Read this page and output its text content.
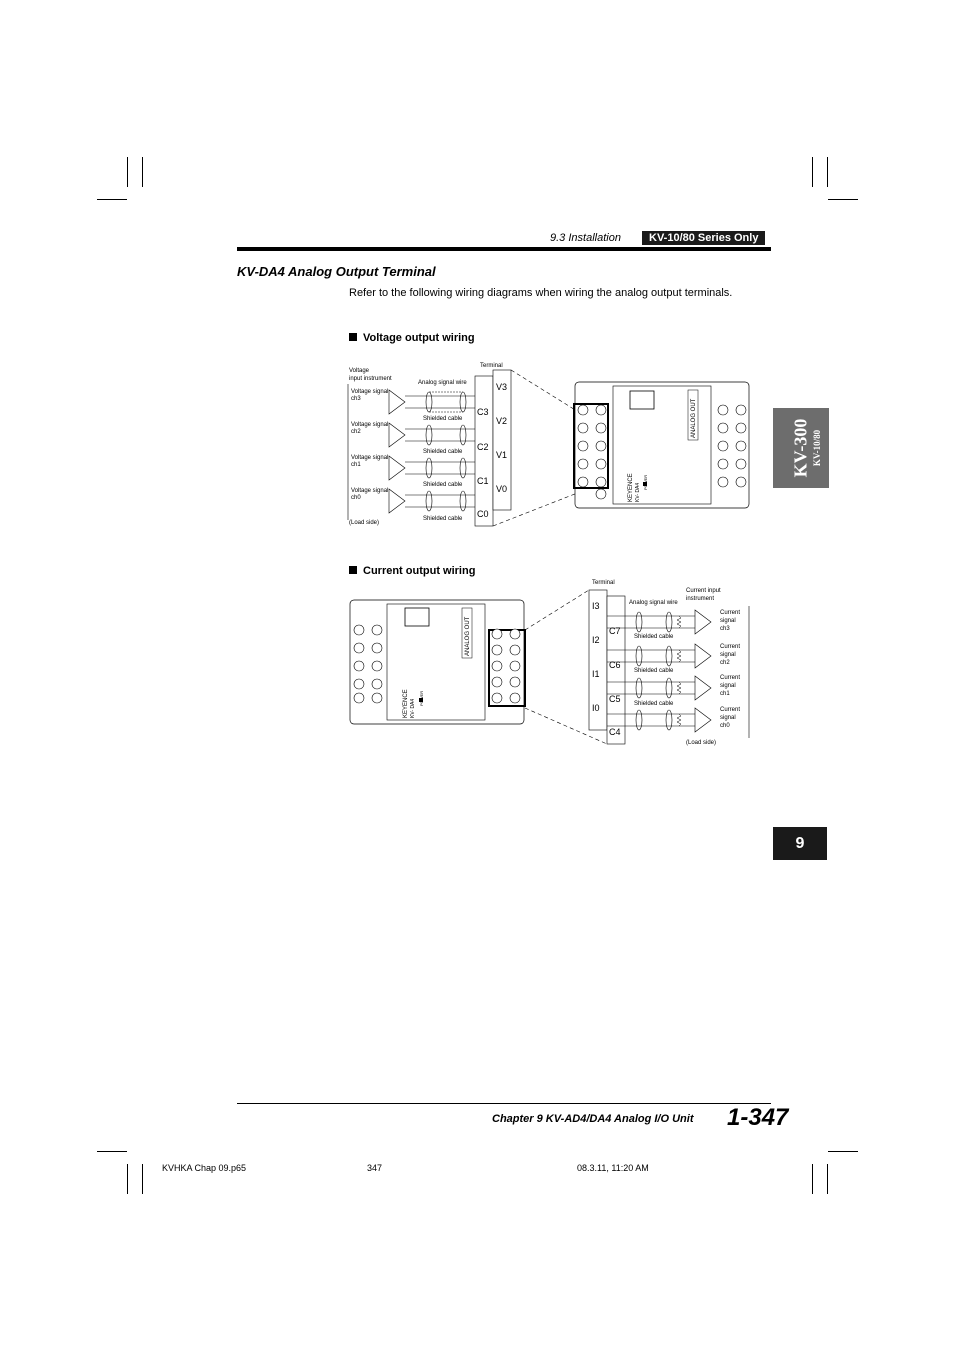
9.3 Installation	KV-10/80 Series Only
KV-DA4 Analog Output Terminal
Refer to the following wiring diagrams when wiring the analog output terminals.
Voltage output wiring
Voltage
input instrument
Analog signal wire
Terminal
(Load side)
Voltage signal
ch3
Shielded cable
Voltage signal
ch2
Shielded cable
Voltage signal
ch1
Shielded cable
Voltage signal
ch0
Shielded cable
V3
C3
V2
C2
V1
C1
V0
C0
ANALOG OUT
KEYENCE KV- DA4
Current output wiring
ANALOG OUT
KEYENCE KV- DA4
I3
C7
I2
C6
I1
C5
I0
C4
Terminal
Analog signal wire
Current input
instrument
(Load side)
Shielded cable
Current
signal
ch3
Shielded cable
Current
signal
ch2
Shielded cable
Current
signal
ch1
Current
signal
ch0
KV-300 KV-10/80
9
Chapter 9 KV-AD4/DA4 Analog I/O Unit 1-347
KVHKA Chap 09.p65	347	08.3.11, 11:20 AM
